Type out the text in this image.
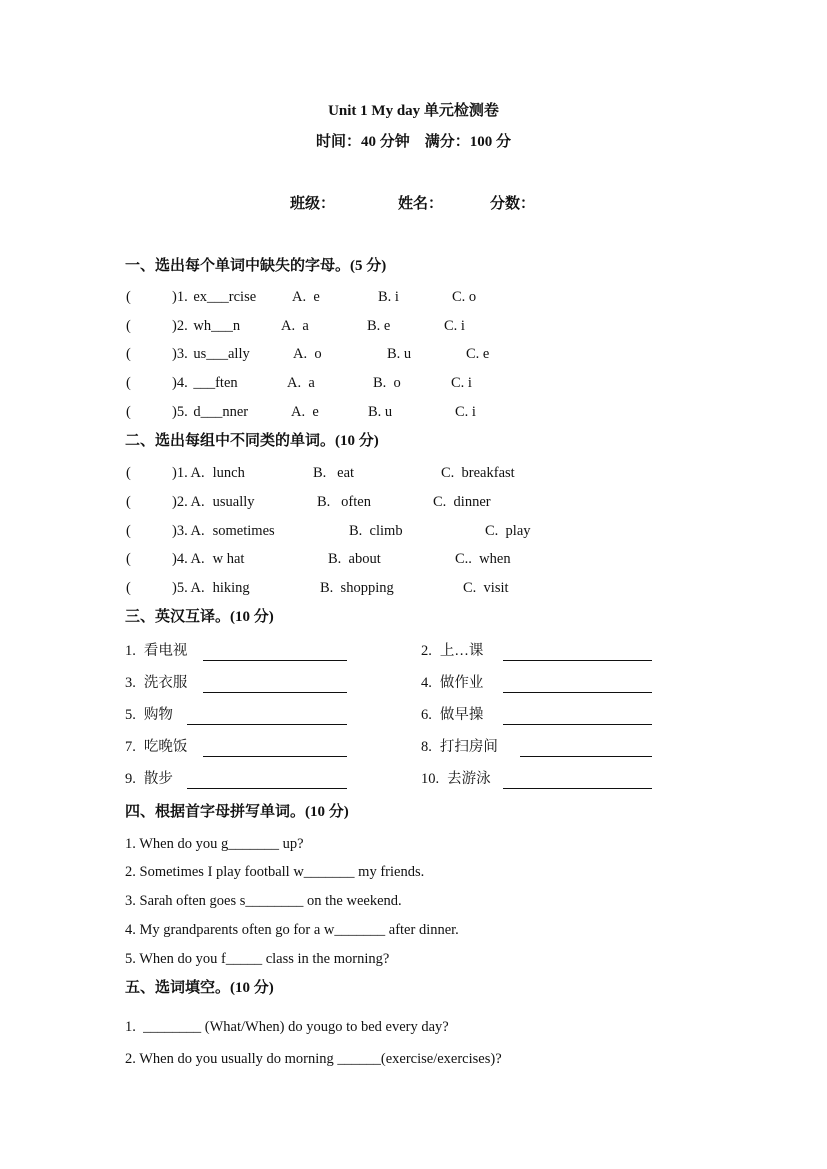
Unit 1 My day 单元检测卷
时间：40 分钟    满分：100 分
班级：	姓名：	分数：
一、选出每个单词中缺失的字母。(5 分)
二、选出每组中不同类的单词。(10 分)
三、英汉互译。(10 分)
四、根据首字母拼写单词。(10 分)
五、选词填空。(10 分)
(	)1. ex___rcise A.  e	B. i	C. o
(	)2. wh___n	A.  a	B. e	C. i
(	)3. us___ally	A.  o	B. u	C. e
(	)4. ___ften	A.  a	B.  o	C. i
(	)5. d___nner	A.  e	B. u	C. i
(	)1. A. lunch	B.   eat	C.  breakfast
(	)2. A. usually	B.   often	C.  dinner
(	)3. A. sometimes	B.  climb	C.  play
(	)4. A. w hat	B.  about	C..  when
(	)5. A. hiking	B.  shopping	C.  visit
1. 看电视	2. 上…课
3. 洗衣服	4. 做作业
5. 购物	6. 做早操
7. 吃晚饭	8. 打扫房间
9. 散步	10. 去游泳
1. When do you g_______ up?
2. Sometimes I play football w_______ my friends.
3. Sarah often goes s________ on the weekend.
4. My grandparents often go for a w_______ after dinner.
5. When do you f_____ class in the morning?
1.  ________ (What/When) do yougo to bed every day?
2. When do you usually do morning ______(exercise/exercises)?
